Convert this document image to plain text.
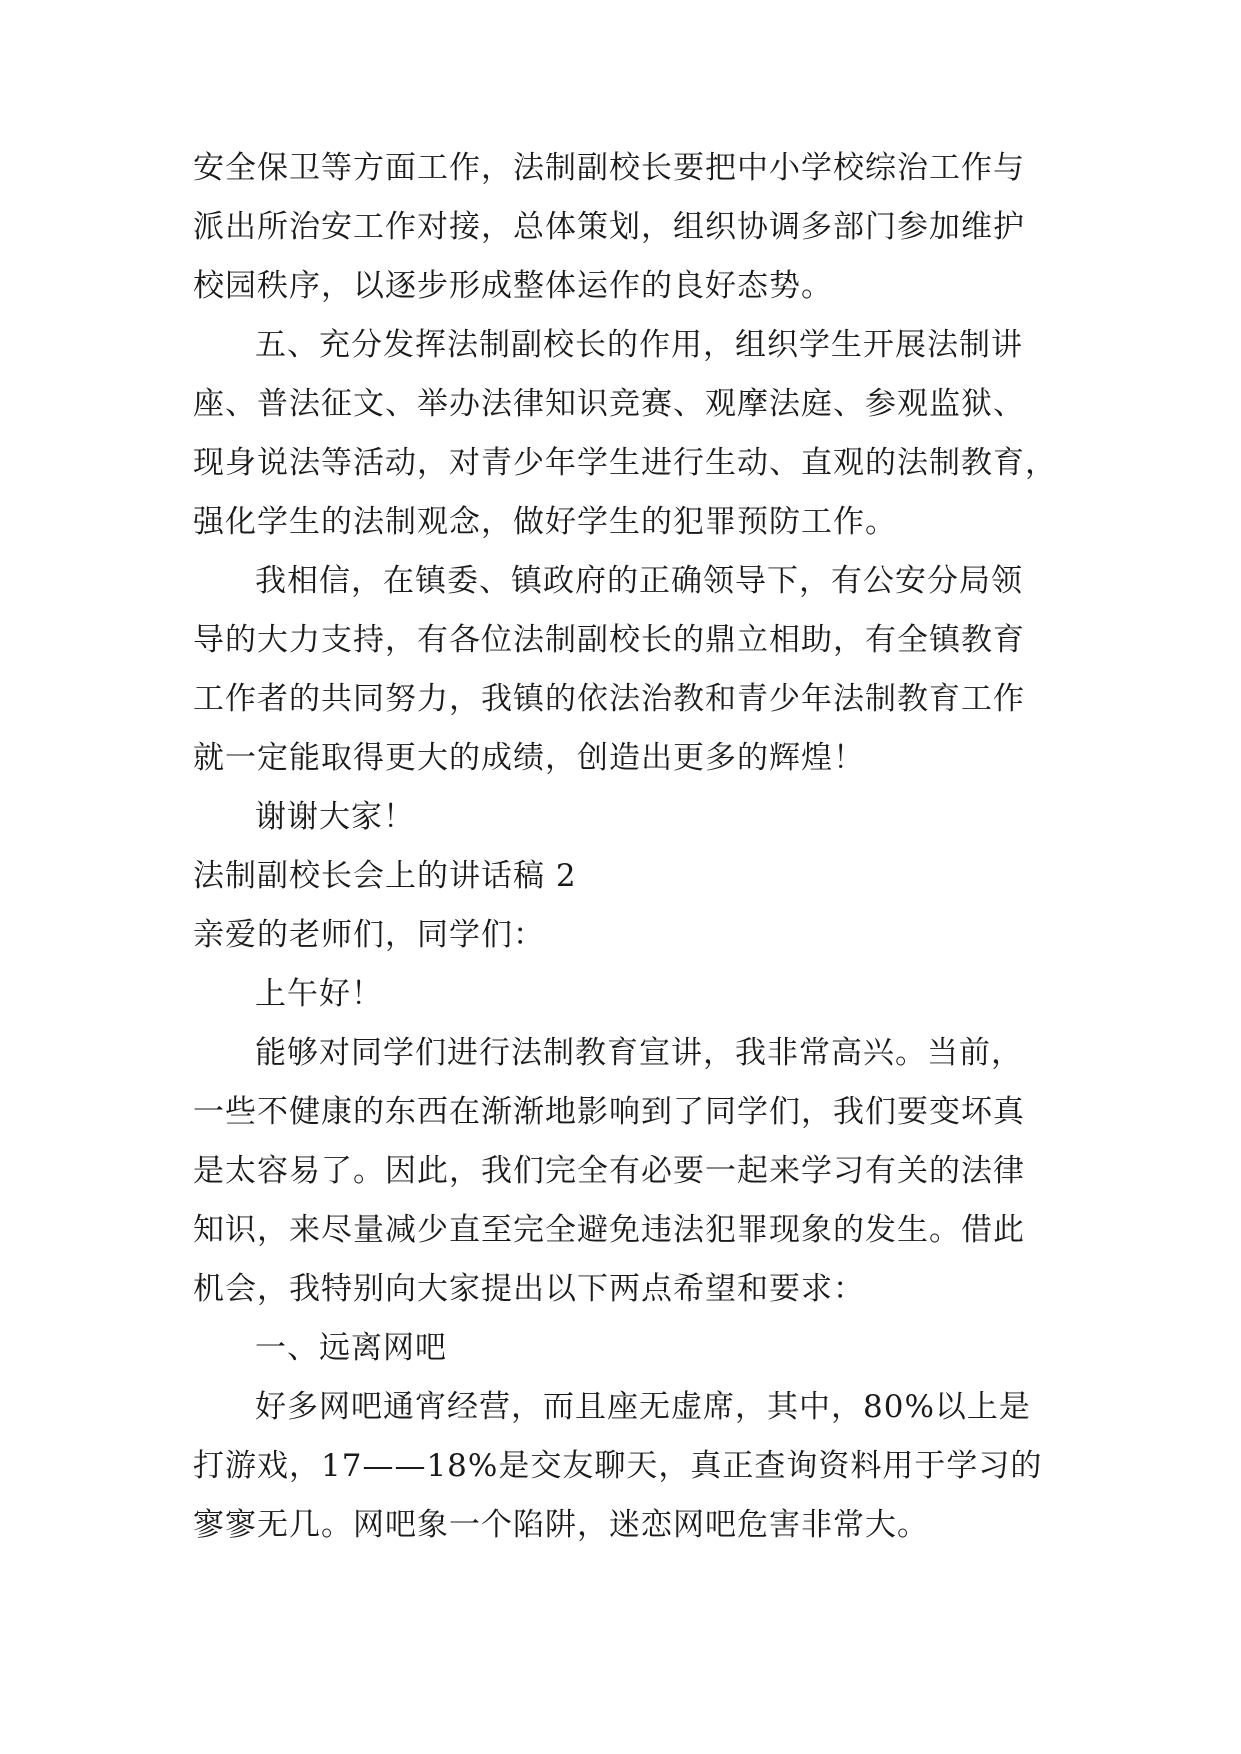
安全保卫等方面工作，法制副校长要把中小学校综治工作与
派出所治安工作对接，总体策划，组织协调多部门参加维护
校园秩序，以逐步形成整体运作的良好态势。
五、充分发挥法制副校长的作用，组织学生开展法制讲
座、普法征文、举办法律知识竞赛、观摩法庭、参观监狱、
现身说法等活动，对青少年学生进行生动、直观的法制教育，
强化学生的法制观念，做好学生的犯罪预防工作。
我相信，在镇委、镇政府的正确领导下，有公安分局领
导的大力支持，有各位法制副校长的鼎立相助，有全镇教育
工作者的共同努力，我镇的依法治教和青少年法制教育工作
就一定能取得更大的成绩，创造出更多的辉煌！
谢谢大家！
法制副校长会上的讲话稿 2
亲爱的老师们，同学们：
上午好！
能够对同学们进行法制教育宣讲，我非常高兴。当前，
一些不健康的东西在渐渐地影响到了同学们，我们要变坏真
是太容易了。因此，我们完全有必要一起来学习有关的法律
知识，来尽量减少直至完全避免违法犯罪现象的发生。借此
机会，我特别向大家提出以下两点希望和要求：
一、远离网吧
好多网吧通宵经营，而且座无虚席，其中，80%以上是
打游戏，17——18%是交友聊天，真正查询资料用于学习的
寥寥无几。网吧象一个陷阱，迷恋网吧危害非常大。
